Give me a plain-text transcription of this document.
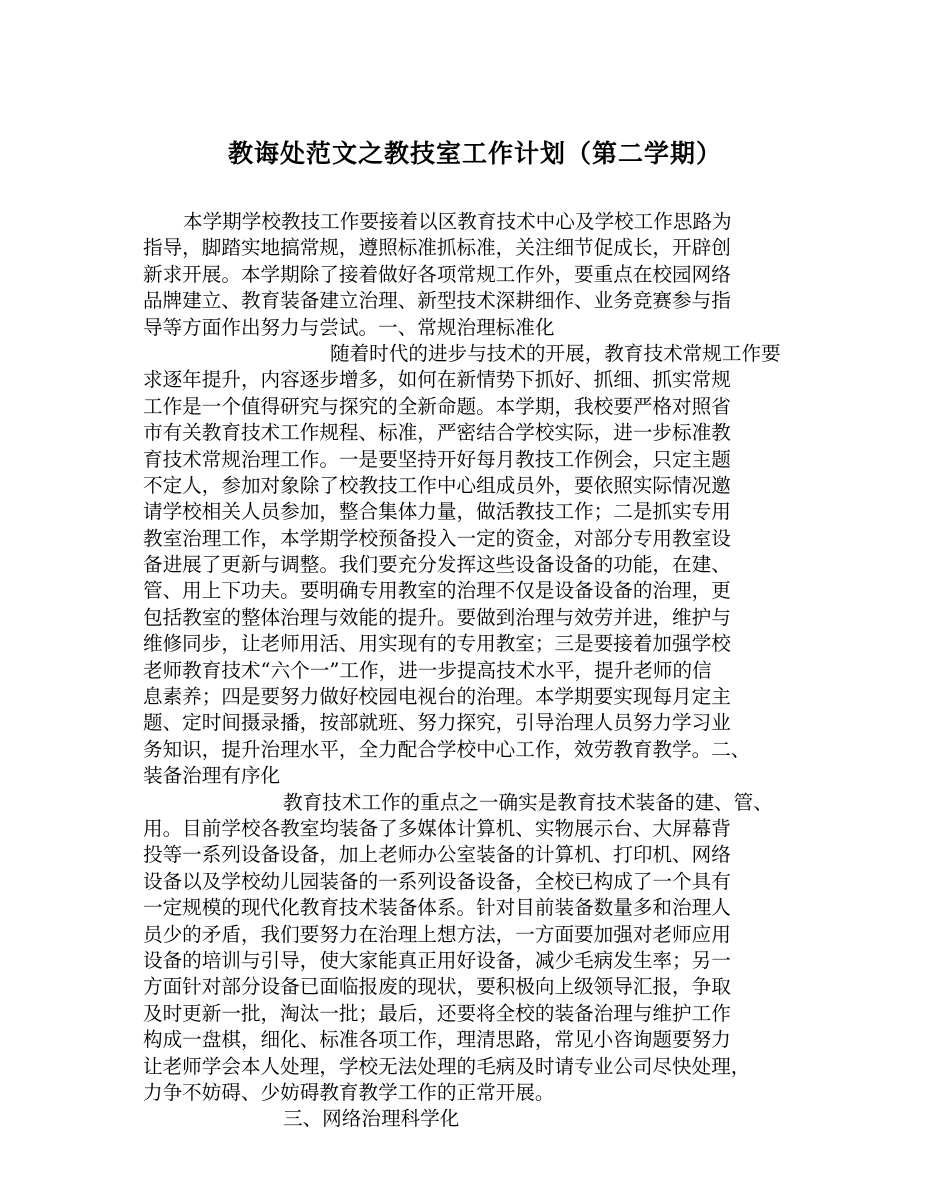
教诲处范文之教技室工作计划（第二学期）
本学期学校教技工作要接着以区教育技术中心及学校工作思路为
指导，脚踏实地搞常规，遵照标准抓标准，关注细节促成长，开辟创
新求开展。本学期除了接着做好各项常规工作外，要重点在校园网络
品牌建立、教育装备建立治理、新型技术深耕细作、业务竞赛参与指
导等方面作出努力与尝试。一、常规治理标准化
随着时代的进步与技术的开展，教育技术常规工作要
求逐年提升，内容逐步增多，如何在新情势下抓好、抓细、抓实常规
工作是一个值得研究与探究的全新命题。本学期，我校要严格对照省
市有关教育技术工作规程、标准，严密结合学校实际，进一步标准教
育技术常规治理工作。一是要坚持开好每月教技工作例会，只定主题
不定人，参加对象除了校教技工作中心组成员外，要依照实际情况邀
请学校相关人员参加，整合集体力量，做活教技工作；二是抓实专用
教室治理工作，本学期学校预备投入一定的资金，对部分专用教室设
备进展了更新与调整。我们要充分发挥这些设备设备的功能，在建、
管、用上下功夫。要明确专用教室的治理不仅是设备设备的治理，更
包括教室的整体治理与效能的提升。要做到治理与效劳并进，维护与
维修同步，让老师用活、用实现有的专用教室；三是要接着加强学校
老师教育技术“六个一”工作，进一步提高技术水平，提升老师的信
息素养；四是要努力做好校园电视台的治理。本学期要实现每月定主
题、定时间摄录播，按部就班、努力探究，引导治理人员努力学习业
务知识，提升治理水平，全力配合学校中心工作，效劳教育教学。二、
装备治理有序化
教育技术工作的重点之一确实是教育技术装备的建、管、
用。目前学校各教室均装备了多媒体计算机、实物展示台、大屏幕背
投等一系列设备设备，加上老师办公室装备的计算机、打印机、网络
设备以及学校幼儿园装备的一系列设备设备，全校已构成了一个具有
一定规模的现代化教育技术装备体系。针对目前装备数量多和治理人
员少的矛盾，我们要努力在治理上想方法，一方面要加强对老师应用
设备的培训与引导，使大家能真正用好设备，减少毛病发生率；另一
方面针对部分设备已面临报废的现状，要积极向上级领导汇报，争取
及时更新一批，淘汰一批；最后，还要将全校的装备治理与维护工作
构成一盘棋，细化、标准各项工作，理清思路，常见小咨询题要努力
让老师学会本人处理，学校无法处理的毛病及时请专业公司尽快处理，
力争不妨碍、少妨碍教育教学工作的正常开展。
三、网络治理科学化
